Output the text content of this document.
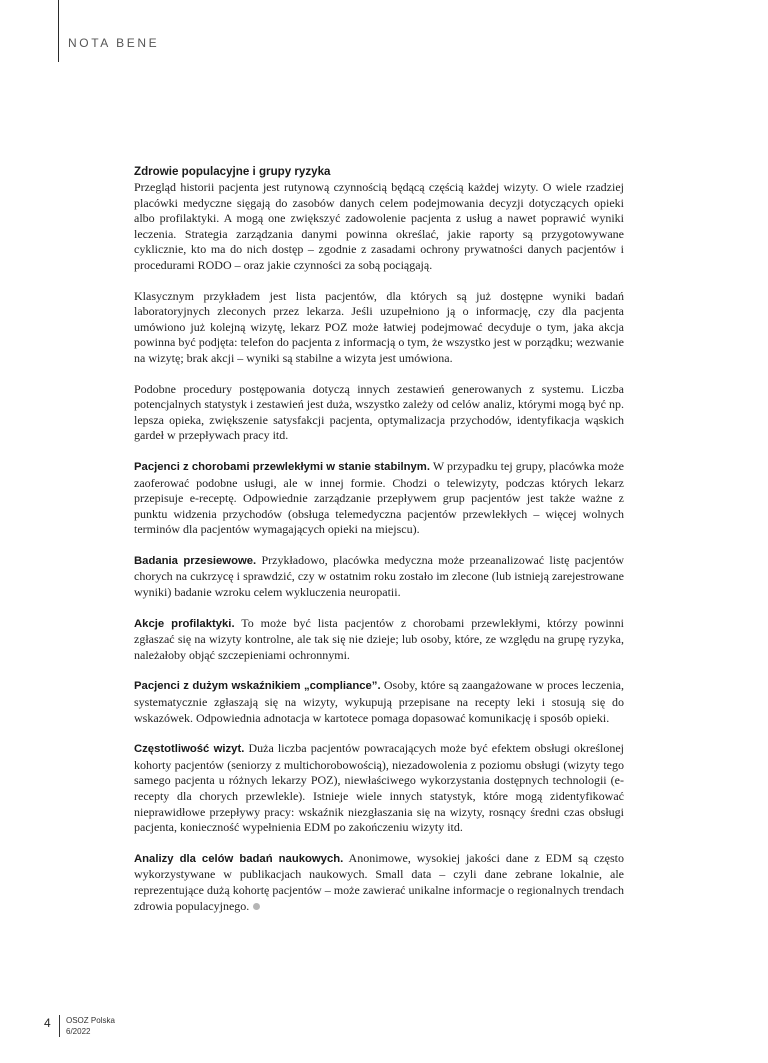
NOTA BENE
Zdrowie populacyjne i grupy ryzyka

Przegląd historii pacjenta jest rutynową czynnością będącą częścią każdej wizyty. O wiele rzadziej placówki medyczne sięgają do zasobów danych celem podejmowania decyzji dotyczących opieki albo profilaktyki. A mogą one zwiększyć zadowolenie pacjenta z usług a nawet poprawić wyniki leczenia. Strategia zarządzania danymi powinna określać, jakie raporty są przygotowywane cyklicznie, kto ma do nich dostęp – zgodnie z zasadami ochrony prywatności danych pacjentów i procedurami RODO – oraz jakie czynności za sobą pociągają.

Klasycznym przykładem jest lista pacjentów, dla których są już dostępne wyniki badań laboratoryjnych zleconych przez lekarza. Jeśli uzupełniono ją o informację, czy dla pacjenta umówiono już kolejną wizytę, lekarz POZ może łatwiej podejmować decyduje o tym, jaka akcja powinna być podjęta: telefon do pacjenta z informacją o tym, że wszystko jest w porządku; wezwanie na wizytę; brak akcji – wyniki są stabilne a wizyta jest umówiona.

Podobne procedury postępowania dotyczą innych zestawień generowanych z systemu. Liczba potencjalnych statystyk i zestawień jest duża, wszystko zależy od celów analiz, którymi mogą być np. lepsza opieka, zwiększenie satysfakcji pacjenta, optymalizacja przychodów, identyfikacja wąskich gardeł w przepływach pracy itd.

Pacjenci z chorobami przewlekłymi w stanie stabilnym. W przypadku tej grupy, placówka może zaoferować podobne usługi, ale w innej formie. Chodzi o telewizyty, podczas których lekarz przepisuje e-receptę. Odpowiednie zarządzanie przepływem grup pacjentów jest także ważne z punktu widzenia przychodów (obsługa telemedyczna pacjentów przewlekłych – więcej wolnych terminów dla pacjentów wymagających opieki na miejscu).

Badania przesiewowe. Przykładowo, placówka medyczna może przeanalizować listę pacjentów chorych na cukrzycę i sprawdzić, czy w ostatnim roku zostało im zlecone (lub istnieją zarejestrowane wyniki) badanie wzroku celem wykluczenia neuropatii.

Akcje profilaktyki. To może być lista pacjentów z chorobami przewlekłymi, którzy powinni zgłaszać się na wizyty kontrolne, ale tak się nie dzieje; lub osoby, które, ze względu na grupę ryzyka, należałoby objąć szczepieniami ochronnymi.

Pacjenci z dużym wskaźnikiem „compliance”. Osoby, które są zaangażowane w proces leczenia, systematycznie zgłaszają się na wizyty, wykupują przepisane na recepty leki i stosują się do wskazówek. Odpowiednia adnotacja w kartotece pomaga dopasować komunikację i sposób opieki.

Częstotliwość wizyt. Duża liczba pacjentów powracających może być efektem obsługi określonej kohorty pacjentów (seniorzy z multichorobowością), niezadowolenia z poziomu obsługi (wizyty tego samego pacjenta u różnych lekarzy POZ), niewłaściwego wykorzystania dostępnych technologii (e-recepty dla chorych przewlekle). Istnieje wiele innych statystyk, które mogą zidentyfikować nieprawidłowe przepływy pracy: wskaźnik niezgłaszania się na wizyty, rosnący średni czas obsługi pacjenta, konieczność wypełnienia EDM po zakończeniu wizyty itd.

Analizy dla celów badań naukowych. Anonimowe, wysokiej jakości dane z EDM są często wykorzystywane w publikacjach naukowych. Small data – czyli dane zebrane lokalnie, ale reprezentujące dużą kohortę pacjentów – może zawierać unikalne informacje o regionalnych trendach zdrowia populacyjnego.

4 OSOZ Polska
6/2022
